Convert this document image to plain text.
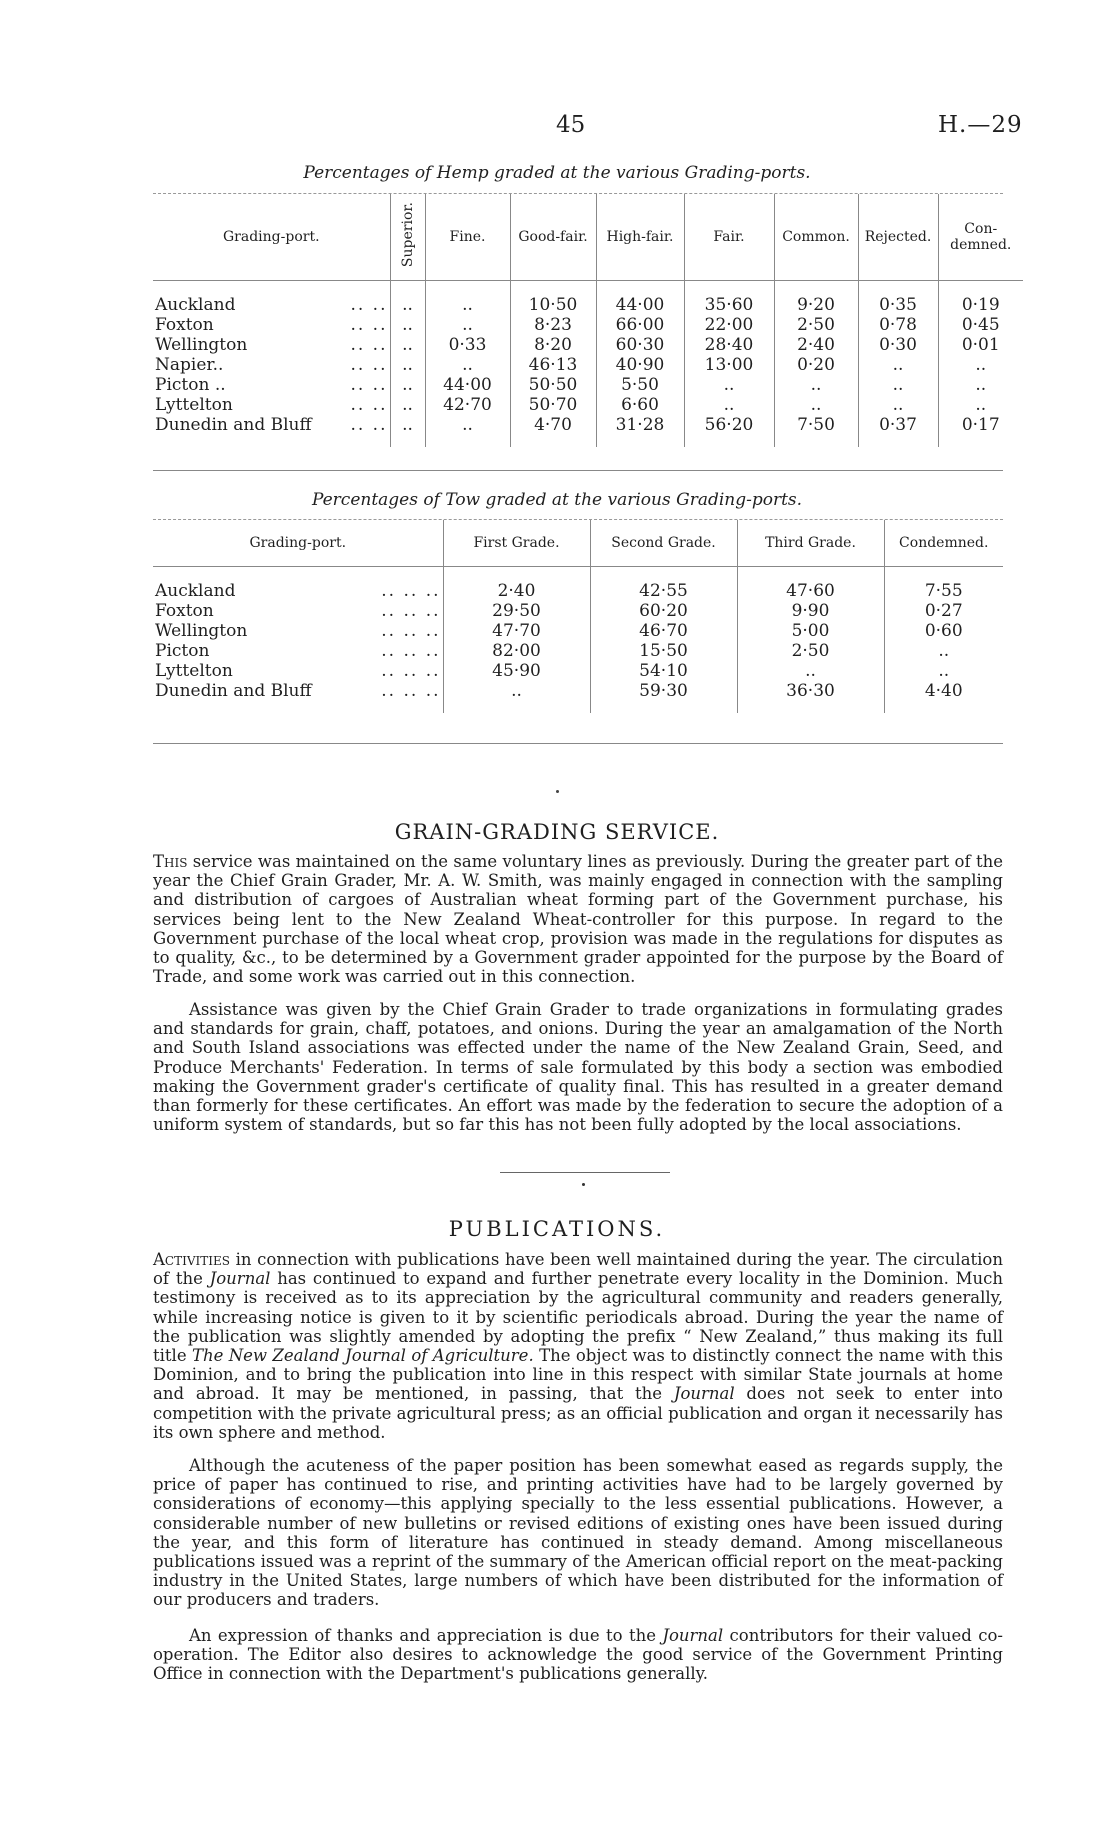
45	H.—29
Percentages of Hemp graded at the various Grading-ports.
Grading-port.	Superior.	Fine.	Good-fair.	High-fair.	Fair.	Common.	Rejected.	Con-demned.

Auckland .. ..	..	..	10·50	44·00	35·60	9·20	0·35	0·19
Foxton .. ..	..	..	8·23	66·00	22·00	2·50	0·78	0·45
Wellington .. ..	..	0·33	8·20	60·30	28·40	2·40	0·30	0·01
Napier.. .. ..	..	..	46·13	40·90	13·00	0·20	..	..
Picton .. .. ..	..	44·00	50·50	5·50	..	..	..	..
Lyttelton .. ..	..	42·70	50·70	6·60	..	..	..	..
Dunedin and Bluff .. ..	..	..	4·70	31·28	56·20	7·50	0·37	0·17

Percentages of Tow graded at the various Grading-ports.
Grading-port.	First Grade.	Second Grade.	Third Grade.	Condemned.

Auckland .. .. ..	2·40	42·55	47·60	7·55
Foxton .. .. ..	29·50	60·20	9·90	0·27
Wellington .. .. ..	47·70	46·70	5·00	0·60
Picton .. .. ..	82·00	15·50	2·50	..
Lyttelton .. .. ..	45·90	54·10	..	..
Dunedin and Bluff .. .. ..	..	59·30	36·30	4·40

GRAIN-GRADING SERVICE.

This service was maintained on the same voluntary lines as previously. During the greater part of the year the Chief Grain Grader, Mr. A. W. Smith, was mainly engaged in connection with the sampling and distribution of cargoes of Australian wheat forming part of the Government purchase, his services being lent to the New Zealand Wheat-controller for this purpose. In regard to the Government purchase of the local wheat crop, provision was made in the regulations for disputes as to quality, &c., to be determined by a Government grader appointed for the purpose by the Board of Trade, and some work was carried out in this connection.

Assistance was given by the Chief Grain Grader to trade organizations in formulating grades and standards for grain, chaff, potatoes, and onions. During the year an amalgamation of the North and South Island associations was effected under the name of the New Zealand Grain, Seed, and Produce Merchants' Federation. In terms of sale formulated by this body a section was embodied making the Government grader's certificate of quality final. This has resulted in a greater demand than formerly for these certificates. An effort was made by the federation to secure the adoption of a uniform system of standards, but so far this has not been fully adopted by the local associations.

PUBLICATIONS.

Activities in connection with publications have been well maintained during the year. The circulation of the Journal has continued to expand and further penetrate every locality in the Dominion. Much testimony is received as to its appreciation by the agricultural community and readers generally, while increasing notice is given to it by scientific periodicals abroad. During the year the name of the publication was slightly amended by adopting the prefix “ New Zealand,” thus making its full title The New Zealand Journal of Agriculture. The object was to distinctly connect the name with this Dominion, and to bring the publication into line in this respect with similar State journals at home and abroad. It may be mentioned, in passing, that the Journal does not seek to enter into competition with the private agricultural press; as an official publication and organ it necessarily has its own sphere and method.

Although the acuteness of the paper position has been somewhat eased as regards supply, the price of paper has continued to rise, and printing activities have had to be largely governed by considerations of economy—this applying specially to the less essential publications. However, a considerable number of new bulletins or revised editions of existing ones have been issued during the year, and this form of literature has continued in steady demand. Among miscellaneous publications issued was a reprint of the summary of the American official report on the meat-packing industry in the United States, large numbers of which have been distributed for the information of our producers and traders.

An expression of thanks and appreciation is due to the Journal contributors for their valued co-operation. The Editor also desires to acknowledge the good service of the Government Printing Office in connection with the Department's publications generally.
